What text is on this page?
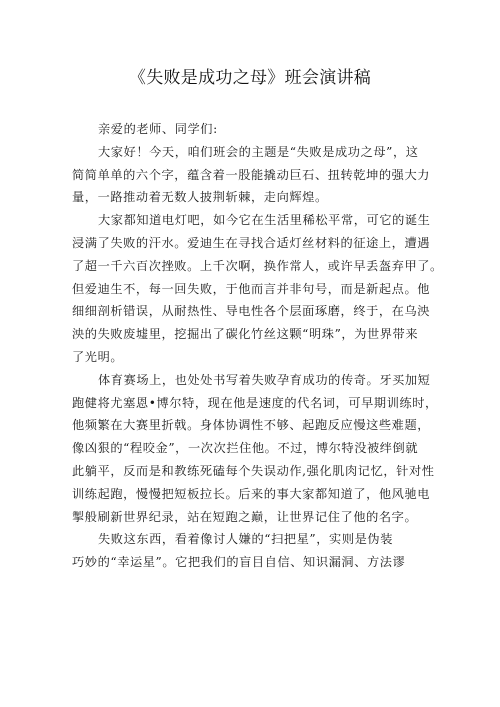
《失败是成功之母》班会演讲稿

亲爱的老师、同学们:

大家好！今天，咱们班会的主题是“失败是成功之母”，这
简简单单的六个字，蕴含着一股能撬动巨石、扭转乾坤的强大力
量，一路推动着无数人披荆斩棘，走向辉煌。

大家都知道电灯吧，如今它在生活里稀松平常，可它的诞生
浸满了失败的汗水。爱迪生在寻找合适灯丝材料的征途上，遭遇
了超一千六百次挫败。上千次啊，换作常人，或许早丢盔弃甲了。
但爱迪生不，每一回失败，于他而言并非句号，而是新起点。他
细细剖析错误，从耐热性、导电性各个层面琢磨，终于，在乌泱
泱的失败废墟里，挖掘出了碳化竹丝这颗“明珠”，为世界带来
了光明。

体育赛场上，也处处书写着失败孕育成功的传奇。牙买加短
跑健将尤塞恩•博尔特，现在他是速度的代名词，可早期训练时，
他频繁在大赛里折戟。身体协调性不够、起跑反应慢这些难题，
像凶狠的“程咬金”，一次次拦住他。不过，博尔特没被绊倒就
此躺平，反而是和教练死磕每个失误动作,强化肌肉记忆，针对性
训练起跑，慢慢把短板拉长。后来的事大家都知道了，他风驰电
掣般刷新世界纪录，站在短跑之巅，让世界记住了他的名字。

失败这东西，看着像讨人嫌的“扫把星”，实则是伪装
巧妙的“幸运星”。它把我们的盲目自信、知识漏洞、方法谬
